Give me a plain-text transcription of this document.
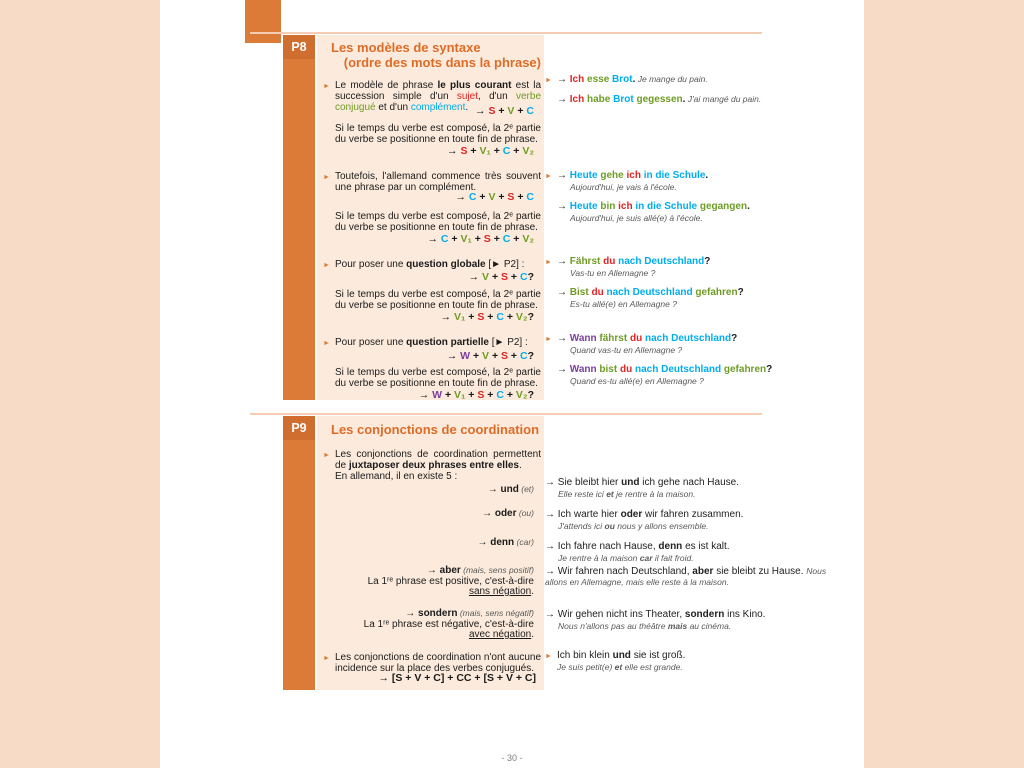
P8	Les modèles de syntaxe
(ordre des mots dans la phrase)
► Le modèle de phrase le plus courant est la succession simple d'un sujet, d'un verbe conjugué et d'un complément. → S + V + C
Si le temps du verbe est composé, la 2ᵉ partie du verbe se positionne en toute fin de phrase.
→ S + V₁ + C + V₂
► Toutefois, l'allemand commence très souvent une phrase par un complément.
→ C + V + S + C
Si le temps du verbe est composé, la 2ᵉ partie du verbe se positionne en toute fin de phrase.
→ C + V₁ + S + C + V₂
► Pour poser une question globale [► P2] :
→ V + S + C?
Si le temps du verbe est composé, la 2ᵉ partie du verbe se positionne en toute fin de phrase.
→ V₁ + S + C + V₂?
► Pour poser une question partielle [► P2] :
→ W + V + S + C?
Si le temps du verbe est composé, la 2ᵉ partie du verbe se positionne en toute fin de phrase.
→ W + V₁ + S + C + V₂?
► → Ich esse Brot. Je mange du pain.
→ Ich habe Brot gegessen. J'ai mangé du pain.
► → Heute gehe ich in die Schule.
Aujourd'hui, je vais à l'école.
→ Heute bin ich in die Schule gegangen.
Aujourd'hui, je suis allé(e) à l'école.
► → Fährst du nach Deutschland?
Vas-tu en Allemagne ?
→ Bist du nach Deutschland gefahren?
Es-tu allé(e) en Allemagne ?
► → Wann fährst du nach Deutschland?
Quand vas-tu en Allemagne ?
→ Wann bist du nach Deutschland gefahren?
Quand es-tu allé(e) en Allemagne ?
P9	Les conjonctions de coordination
► Les conjonctions de coordination permettent de juxtaposer deux phrases entre elles.
En allemand, il en existe 5 :
→ und (et)
→ oder (ou)
→ denn (car)
→ aber (mais, sens positif)
La 1ʳᵉ phrase est positive, c'est-à-dire
sans négation.
→ sondern (mais, sens négatif)
La 1ʳᵉ phrase est négative, c'est-à-dire
avec négation.
► Les conjonctions de coordination n'ont aucune incidence sur la place des verbes conjugués.
→ [S + V + C] + CC + [S + V + C]
→ Sie bleibt hier und ich gehe nach Hause.
Elle reste ici et je rentre à la maison.
→ Ich warte hier oder wir fahren zusammen.
J'attends ici ou nous y allons ensemble.
→ Ich fahre nach Hause, denn es ist kalt.
Je rentre à la maison car il fait froid.
→ Wir fahren nach Deutschland, aber sie bleibt zu Hause. Nous allons en Allemagne, mais elle reste à la maison.
→ Wir gehen nicht ins Theater, sondern ins Kino.
Nous n'allons pas au théâtre mais au cinéma.
► Ich bin klein und sie ist groß.
Je suis petit(e) et elle est grande.
- 30 -
